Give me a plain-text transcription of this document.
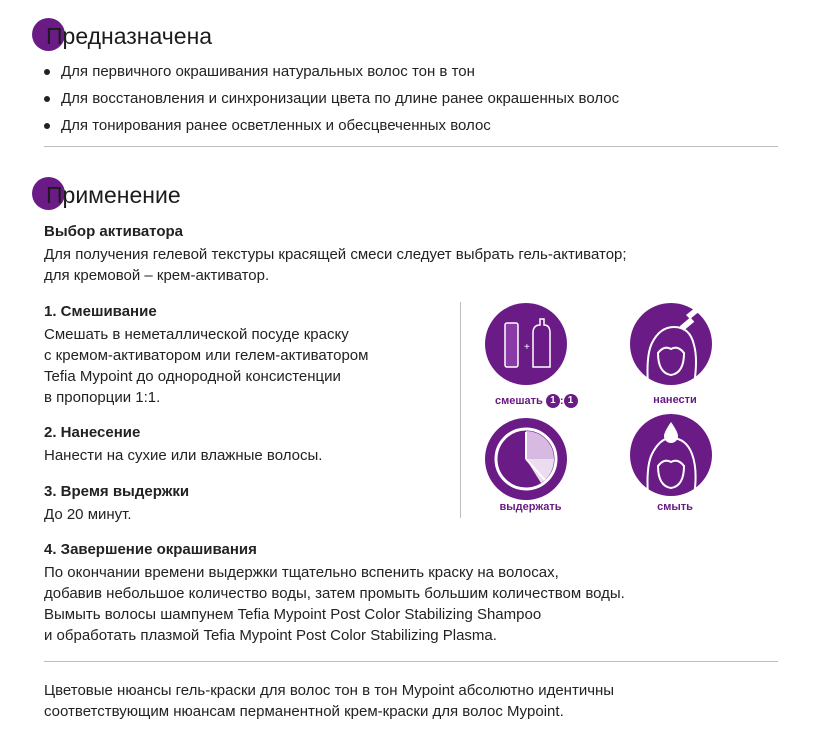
Предназначена
Для первичного окрашивания натуральных волос тон в тон
Для восстановления и синхронизации цвета по длине ранее окрашенных волос
Для тонирования ранее осветленных и обесцвеченных волос
Применение
Выбор активатора
Для получения гелевой текстуры красящей смеси следует выбрать гель-активатор;
для кремовой – крем-активатор.
1. Смешивание
Смешать в неметаллической посуде краску
с кремом-активатором или гелем-активатором
Tefia Mypoint до однородной консистенции
в пропорции 1:1.
2. Нанесение
Нанести на сухие или влажные волосы.
3. Время выдержки
До 20 минут.
4. Завершение окрашивания
По окончании времени выдержки тщательно вспенить краску на волосах,
добавив небольшое количество воды, затем промыть большим количеством воды.
Вымыть волосы шампунем Tefia Mypoint Post Color Stabilizing Shampoo
и обработать плазмой Tefia Mypoint Post Color Stabilizing Plasma.
+
смешать 1 : 1	нанести
выдержать	смыть
Цветовые нюансы гель-краски для волос тон в тон Mypoint абсолютно идентичны
соответствующим нюансам перманентной крем-краски для волос Mypoint.
